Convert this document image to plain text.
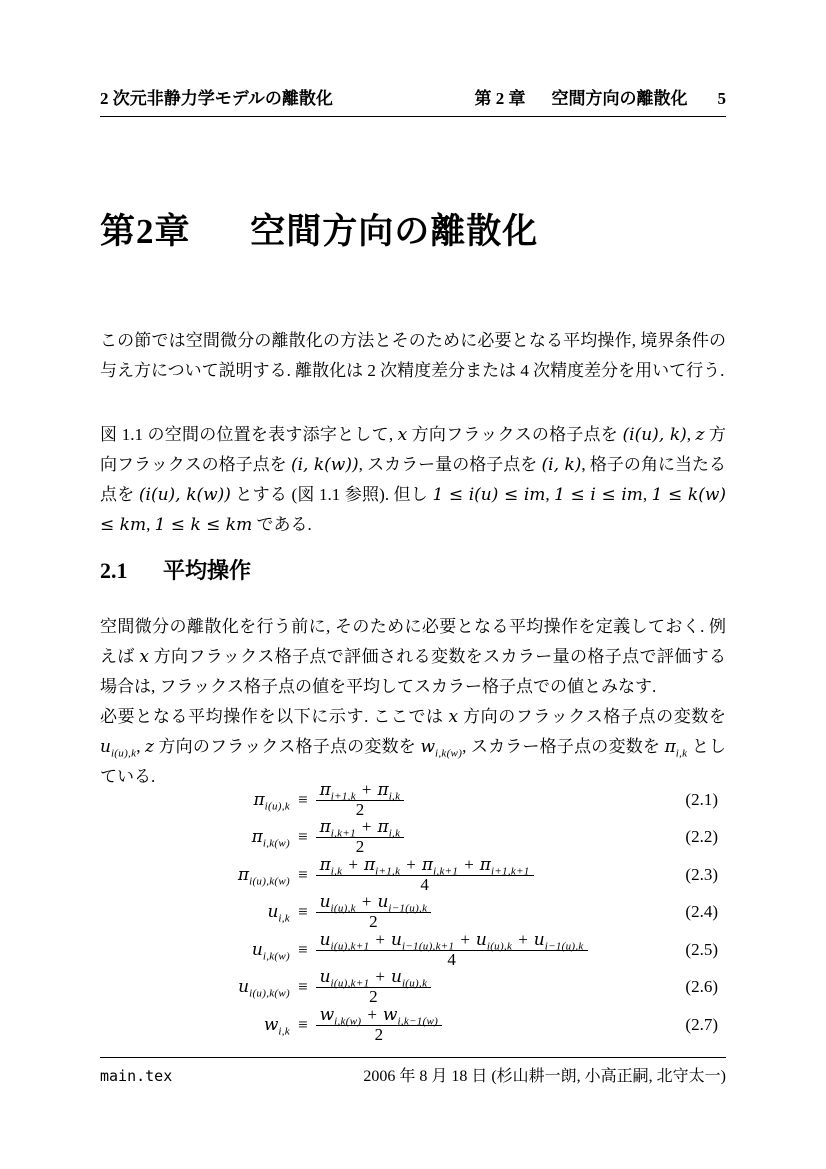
2 次元非静力学モデルの離散化	第 2 章 空間方向の離散化 5
第2章 空間方向の離散化

この節では空間微分の離散化の方法とそのために必要となる平均操作, 境界条件の与え方について説明する. 離散化は 2 次精度差分または 4 次精度差分を用いて行う.

図 1.1 の空間の位置を表す添字として, x 方向フラックスの格子点を (i(u), k), z 方向フラックスの格子点を (i, k(w)), スカラー量の格子点を (i, k), 格子の角に当たる点を (i(u), k(w)) とする (図 1.1 参照). 但し 1 ≤ i(u) ≤ im, 1 ≤ i ≤ im, 1 ≤ k(w) ≤ km, 1 ≤ k ≤ km である.

2.1 平均操作

空間微分の離散化を行う前に, そのために必要となる平均操作を定義しておく. 例えば x 方向フラックス格子点で評価される変数をスカラー量の格子点で評価する場合は, フラックス格子点の値を平均してスカラー格子点での値とみなす.

必要となる平均操作を以下に示す. ここでは x 方向のフラックス格子点の変数を $u_{i(u),k}$, z 方向のフラックス格子点の変数を $w_{i,k(w)}$, スカラー格子点の変数を $\pi_{i,k}$ としている.

$\pi_{i(u),k} \equiv \frac{\pi_{i+1,k} + \pi_{i,k}}{2}$	(2.1)
$\pi_{i,k(w)} \equiv \frac{\pi_{i,k+1} + \pi_{i,k}}{2}$	(2.2)
$\pi_{i(u),k(w)} \equiv \frac{\pi_{i,k} + \pi_{i+1,k} + \pi_{i,k+1} + \pi_{i+1,k+1}}{4}$	(2.3)
$u_{i,k} \equiv \frac{u_{i(u),k} + u_{i-1(u),k}}{2}$	(2.4)
$u_{i,k(w)} \equiv \frac{u_{i(u),k+1} + u_{i-1(u),k+1} + u_{i(u),k} + u_{i-1(u),k}}{4}$	(2.5)
$u_{i(u),k(w)} \equiv \frac{u_{i(u),k+1} + u_{i(u),k}}{2}$	(2.6)
$w_{i,k} \equiv \frac{w_{i,k(w)} + w_{i,k-1(w)}}{2}$	(2.7)
main.tex	2006 年 8 月 18 日 (杉山耕一朗, 小高正嗣, 北守太一)
